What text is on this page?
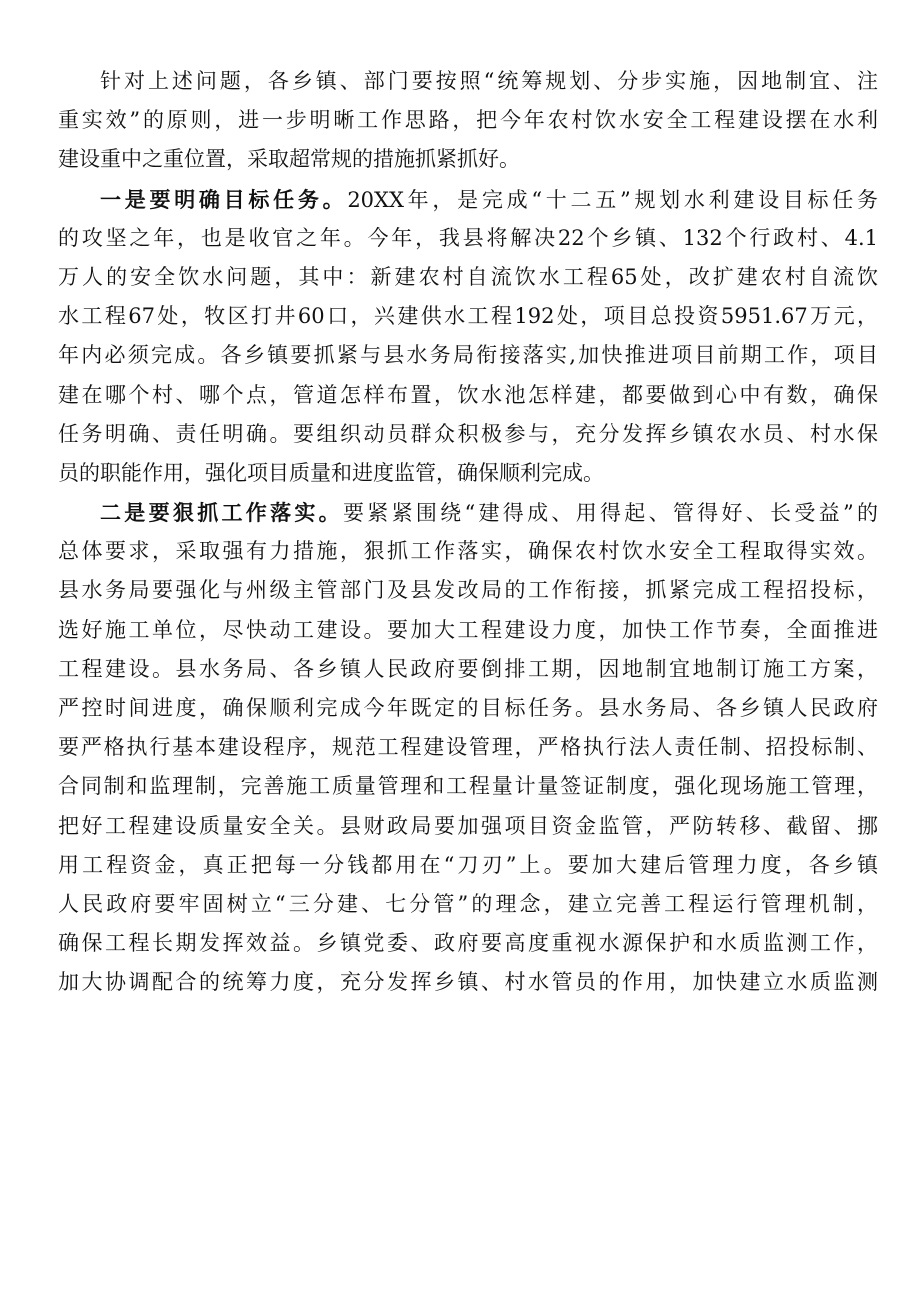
针对上述问题，各乡镇、部门要按照“统筹规划、分步实施，因地制宜、注
重实效”的原则，进一步明晰工作思路，把今年农村饮水安全工程建设摆在水利
建设重中之重位置，采取超常规的措施抓紧抓好。
一是要明确目标任务。20XX年，是完成“十二五”规划水利建设目标任务
的攻坚之年，也是收官之年。今年，我县将解决22个乡镇、132个行政村、4.1
万人的安全饮水问题，其中：新建农村自流饮水工程65处，改扩建农村自流饮
水工程67处，牧区打井60口，兴建供水工程192处，项目总投资5951.67万元，
年内必须完成。各乡镇要抓紧与县水务局衔接落实,加快推进项目前期工作，项目
建在哪个村、哪个点，管道怎样布置，饮水池怎样建，都要做到心中有数，确保
任务明确、责任明确。要组织动员群众积极参与，充分发挥乡镇农水员、村水保
员的职能作用，强化项目质量和进度监管，确保顺利完成。
二是要狠抓工作落实。要紧紧围绕“建得成、用得起、管得好、长受益”的
总体要求，采取强有力措施，狠抓工作落实，确保农村饮水安全工程取得实效。
县水务局要强化与州级主管部门及县发改局的工作衔接，抓紧完成工程招投标，
选好施工单位，尽快动工建设。要加大工程建设力度，加快工作节奏，全面推进
工程建设。县水务局、各乡镇人民政府要倒排工期，因地制宜地制订施工方案，
严控时间进度，确保顺利完成今年既定的目标任务。县水务局、各乡镇人民政府
要严格执行基本建设程序，规范工程建设管理，严格执行法人责任制、招投标制、
合同制和监理制，完善施工质量管理和工程量计量签证制度，强化现场施工管理，
把好工程建设质量安全关。县财政局要加强项目资金监管，严防转移、截留、挪
用工程资金，真正把每一分钱都用在“刀刃”上。要加大建后管理力度，各乡镇
人民政府要牢固树立“三分建、七分管”的理念，建立完善工程运行管理机制，
确保工程长期发挥效益。乡镇党委、政府要高度重视水源保护和水质监测工作，
加大协调配合的统筹力度，充分发挥乡镇、村水管员的作用，加快建立水质监测
